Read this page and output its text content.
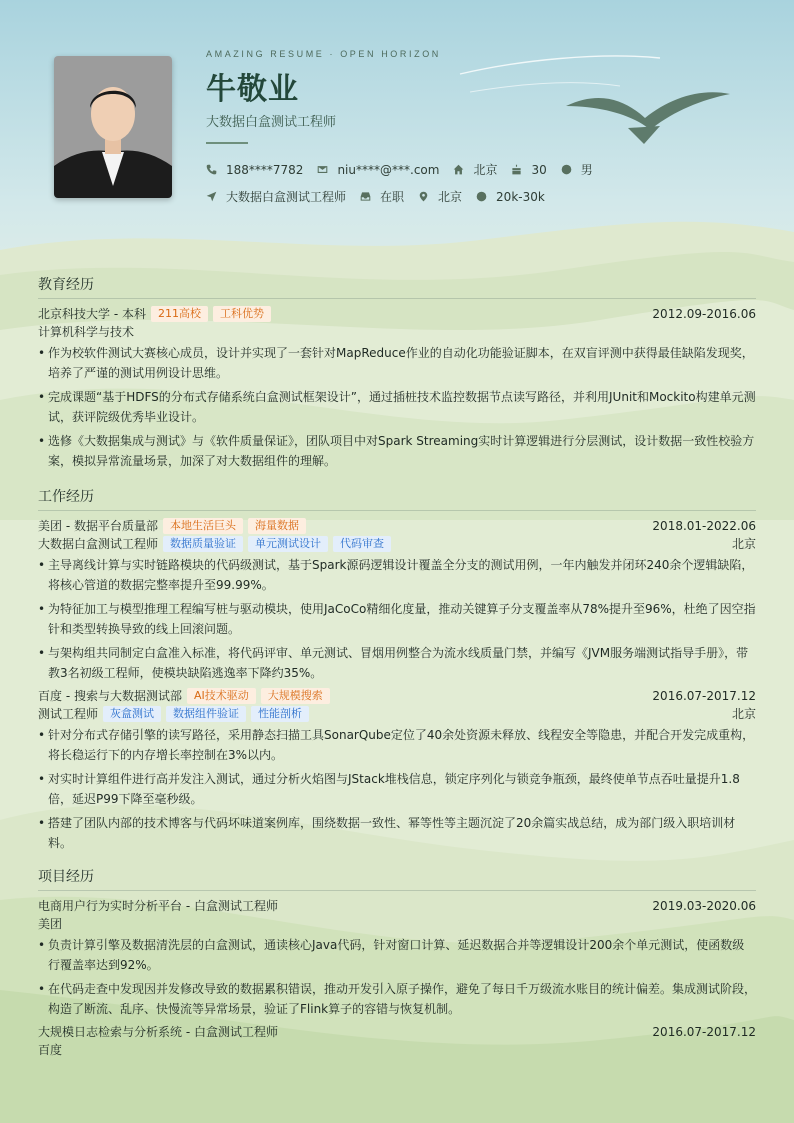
AMAZING RESUME · OPEN HORIZON
牛敬业
大数据白盒测试工程师
188****7782	niu****@***.com	北京	30	男
大数据白盒测试工程师	在职	北京	20k-30k
教育经历
北京科技大学 - 本科	211高校	工科优势	2012.09-2016.06
计算机科学与技术
• 作为校软件测试大赛核心成员，设计并实现了一套针对MapReduce作业的自动化功能验证脚本，在双盲评测中获得最佳缺陷发现奖，培养了严谨的测试用例设计思维。
• 完成课题“基于HDFS的分布式存储系统白盒测试框架设计”，通过插桩技术监控数据节点读写路径，并利用JUnit和Mockito构建单元测试，获评院级优秀毕业设计。
• 选修《大数据集成与测试》与《软件质量保证》，团队项目中对Spark Streaming实时计算逻辑进行分层测试，设计数据一致性校验方案，模拟异常流量场景，加深了对大数据组件的理解。
工作经历
美团 - 数据平台质量部	本地生活巨头	海量数据	2018.01-2022.06
大数据白盒测试工程师	数据质量验证	单元测试设计	代码审查	北京
• 主导离线计算与实时链路模块的代码级测试，基于Spark源码逻辑设计覆盖全分支的测试用例，一年内触发并闭环240余个逻辑缺陷，将核心管道的数据完整率提升至99.99%。
• 为特征加工与模型推理工程编写桩与驱动模块，使用JaCoCo精细化度量，推动关键算子分支覆盖率从78%提升至96%，杜绝了因空指针和类型转换导致的线上回滚问题。
• 与架构组共同制定白盒准入标准，将代码评审、单元测试、冒烟用例整合为流水线质量门禁，并编写《JVM服务端测试指导手册》，带教3名初级工程师，使模块缺陷逃逸率下降约35%。
百度 - 搜索与大数据测试部	AI技术驱动	大规模搜索	2016.07-2017.12
测试工程师	灰盒测试	数据组件验证	性能剖析	北京
• 针对分布式存储引擎的读写路径，采用静态扫描工具SonarQube定位了40余处资源未释放、线程安全等隐患，并配合开发完成重构，将长稳运行下的内存增长率控制在3%以内。
• 对实时计算组件进行高并发注入测试，通过分析火焰图与JStack堆栈信息，锁定序列化与锁竞争瓶颈，最终使单节点吞吐量提升1.8倍，延迟P99下降至毫秒级。
• 搭建了团队内部的技术博客与代码坏味道案例库，围绕数据一致性、幂等性等主题沉淀了20余篇实战总结，成为部门级入职培训材料。
项目经历
电商用户行为实时分析平台 - 白盒测试工程师	2019.03-2020.06
美团
• 负责计算引擎及数据清洗层的白盒测试，通读核心Java代码，针对窗口计算、延迟数据合并等逻辑设计200余个单元测试，使函数级行覆盖率达到92%。
• 在代码走查中发现因并发修改导致的数据累积错误，推动开发引入原子操作，避免了每日千万级流水账目的统计偏差。集成测试阶段，构造了断流、乱序、快慢流等异常场景，验证了Flink算子的容错与恢复机制。
大规模日志检索与分析系统 - 白盒测试工程师	2016.07-2017.12
百度
